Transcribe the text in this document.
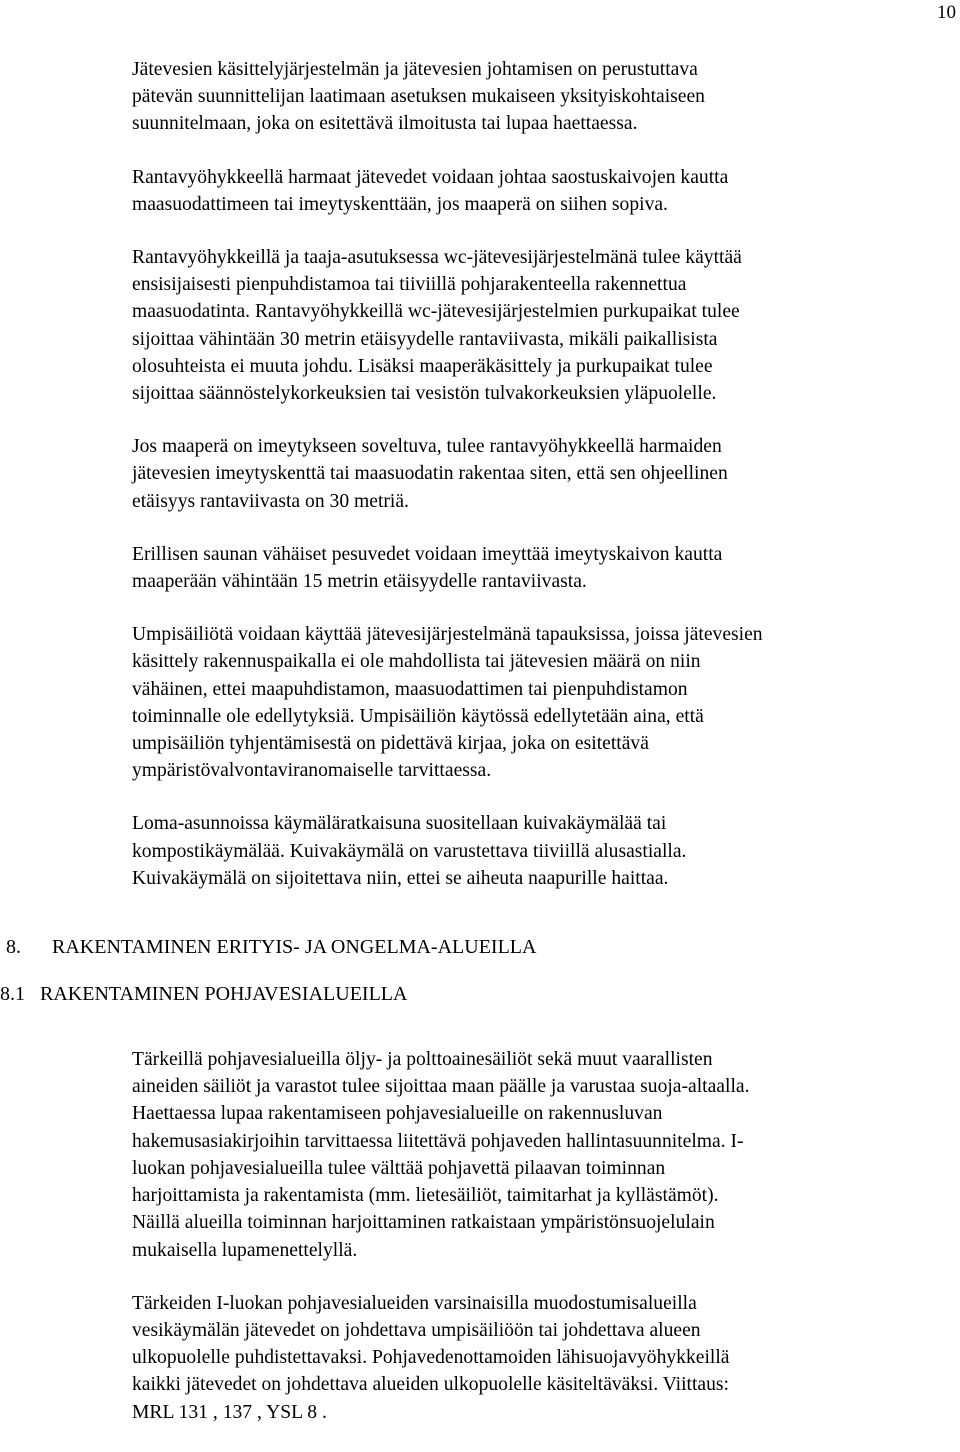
10

Jätevesien käsittelyjärjestelmän ja jätevesien johtamisen on perustuttava
pätevän suunnittelijan laatimaan asetuksen mukaiseen yksityiskohtaiseen
suunnitelmaan, joka on esitettävä ilmoitusta tai lupaa haettaessa.

Rantavyöhykkeellä harmaat jätevedet voidaan johtaa saostuskaivojen kautta
maasuodattimeen tai imeytyskenttään, jos maaperä on siihen sopiva.

Rantavyöhykkeillä ja taaja-asutuksessa wc-jätevesijärjestelmänä tulee käyttää
ensisijaisesti pienpuhdistamoa tai tiiviillä pohjarakenteella rakennettua
maasuodatinta. Rantavyöhykkeillä wc-jätevesijärjestelmien purkupaikat tulee
sijoittaa vähintään 30 metrin etäisyydelle rantaviivasta, mikäli paikallisista
olosuhteista ei muuta johdu. Lisäksi maaperäkäsittely ja purkupaikat tulee
sijoittaa säännöstelykorkeuksien tai vesistön tulvakorkeuksien yläpuolelle.

Jos maaperä on imeytykseen soveltuva, tulee rantavyöhykkeellä harmaiden
jätevesien imeytyskenttä tai maasuodatin rakentaa siten, että sen ohjeellinen
etäisyys rantaviivasta on 30 metriä.

Erillisen saunan vähäiset pesuvedet voidaan imeyttää imeytyskaivon kautta
maaperään vähintään 15 metrin etäisyydelle rantaviivasta.

Umpisäiliötä voidaan käyttää jätevesijärjestelmänä tapauksissa, joissa jätevesien
käsittely rakennuspaikalla ei ole mahdollista tai jätevesien määrä on niin
vähäinen, ettei maapuhdistamon, maasuodattimen tai pienpuhdistamon
toiminnalle ole edellytyksiä. Umpisäiliön käytössä edellytetään aina, että
umpisäiliön tyhjentämisestä on pidettävä kirjaa, joka on esitettävä
ympäristövalvontaviranomaiselle tarvittaessa.

Loma-asunnoissa käymäläratkaisuna suositellaan kuivakäymälää tai
kompostikäymälää. Kuivakäymälä on varustettava tiiviillä alusastialla.
Kuivakäymälä on sijoitettava niin, ettei se aiheuta naapurille haittaa.

8. RAKENTAMINEN ERITYIS- JA ONGELMA-ALUEILLA
8.1 RAKENTAMINEN POHJAVESIALUEILLA

Tärkeillä pohjavesialueilla öljy- ja polttoainesäiliöt sekä muut vaarallisten
aineiden säiliöt ja varastot tulee sijoittaa maan päälle ja varustaa suoja-altaalla.
Haettaessa lupaa rakentamiseen pohjavesialueille on rakennusluvan
hakemusasiakirjoihin tarvittaessa liitettävä pohjaveden hallintasuunnitelma. I-
luokan pohjavesialueilla tulee välttää pohjavettä pilaavan toiminnan
harjoittamista ja rakentamista (mm. lietesäiliöt, taimitarhat ja kyllästämöt).
Näillä alueilla toiminnan harjoittaminen ratkaistaan ympäristönsuojelulain
mukaisella lupamenettelyllä.

Tärkeiden I-luokan pohjavesialueiden varsinaisilla muodostumisalueilla
vesikäymälän jätevedet on johdettava umpisäiliöön tai johdettava alueen
ulkopuolelle puhdistettavaksi. Pohjavedenottamoiden lähisuojavyöhykkeillä
kaikki jätevedet on johdettava alueiden ulkopuolelle käsiteltäväksi. Viittaus:
MRL 131 , 137 , YSL 8 .
